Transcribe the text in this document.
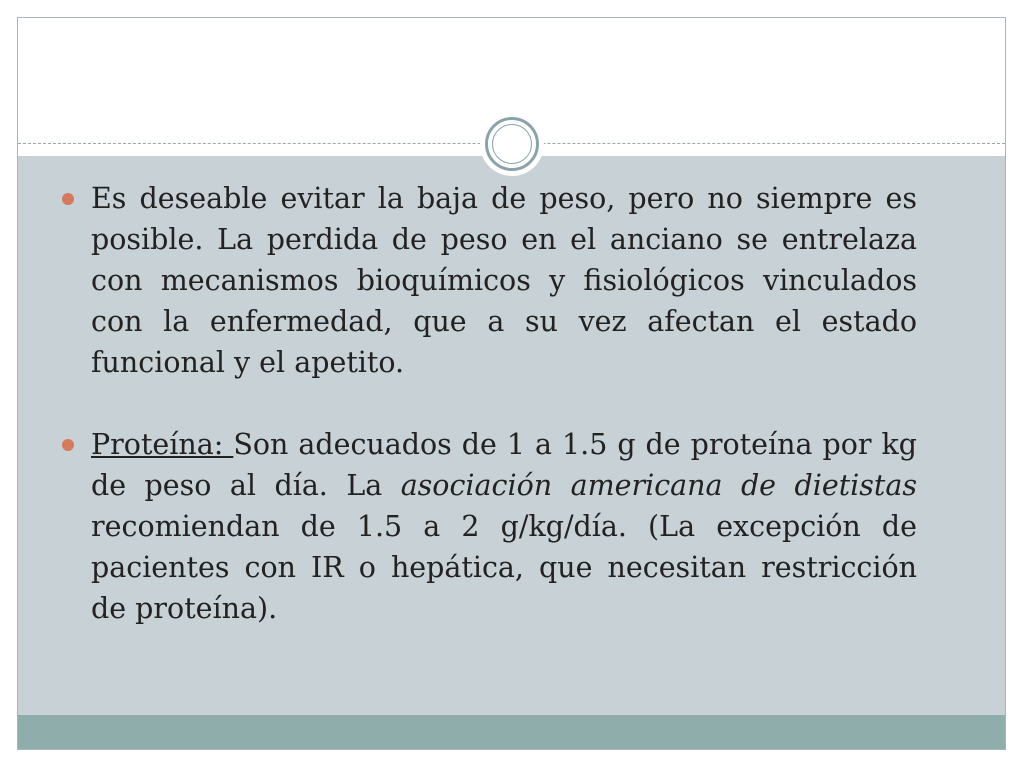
Es deseable evitar la baja de peso, pero no siempre es posible. La perdida de peso en el anciano se entrelaza con mecanismos bioquímicos y fisiológicos vinculados con la enfermedad, que a su vez afectan el estado funcional y el apetito.
Proteína: Son adecuados de 1 a 1.5 g de proteína por kg de peso al día. La asociación americana de dietistas recomiendan de 1.5 a 2 g/kg/día. (La excepción de pacientes con IR o hepática, que necesitan restricción de proteína).
